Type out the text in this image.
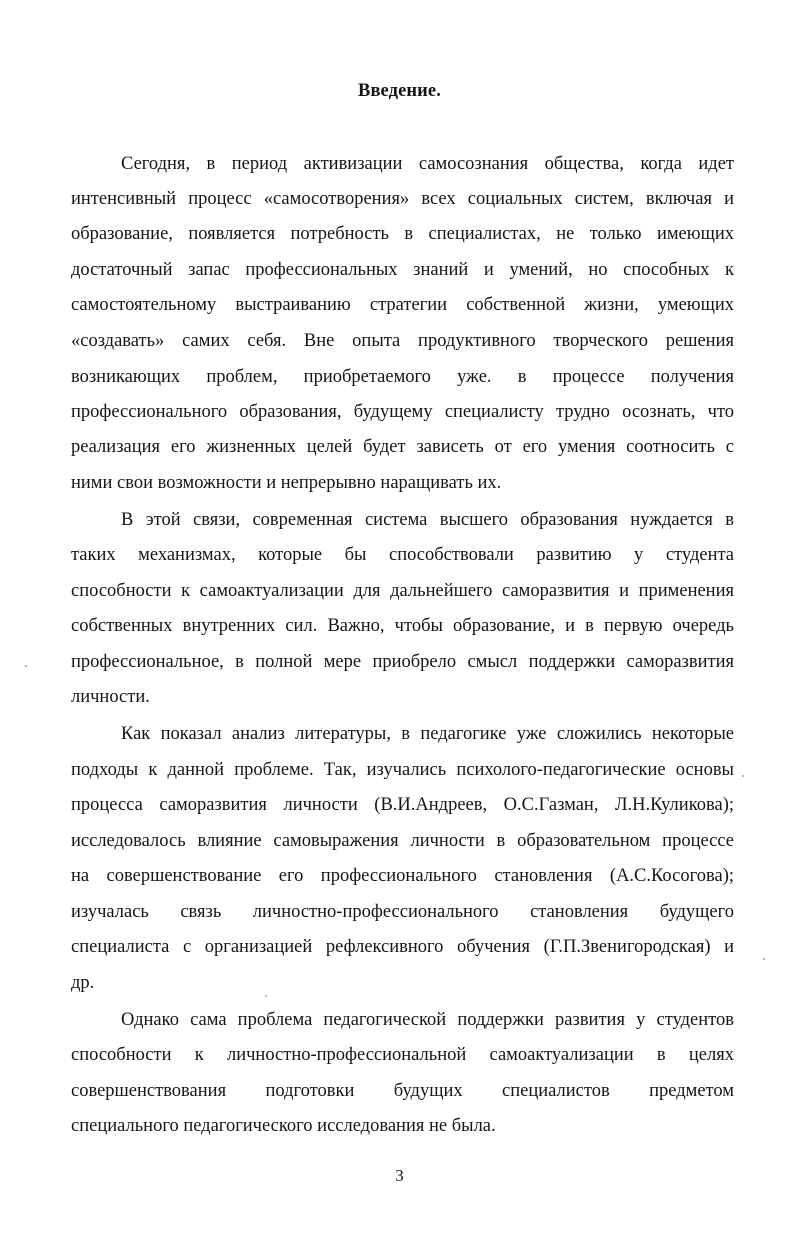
Введение.
Сегодня, в период активизации самосознания общества, когда идет
интенсивный процесс «самосотворения» всех социальных систем, включая и
образование, появляется потребность в специалистах, не только имеющих
достаточный запас профессиональных знаний и умений, но способных к
самостоятельному выстраиванию стратегии собственной жизни, умеющих
«создавать» самих себя. Вне опыта продуктивного творческого решения
возникающих проблем, приобретаемого уже. в процессе получения
профессионального образования, будущему специалисту трудно осознать, что
реализация его жизненных целей будет зависеть от его умения соотносить с
ними свои возможности и непрерывно наращивать их.
В этой связи, современная система высшего образования нуждается в
таких механизмах, которые бы способствовали развитию у студента
способности к самоактуализации для дальнейшего саморазвития и применения
собственных внутренних сил. Важно, чтобы образование, и в первую очередь
профессиональное, в полной мере приобрело смысл поддержки саморазвития
личности.
Как показал анализ литературы, в педагогике уже сложились некоторые
подходы к данной проблеме. Так, изучались психолого-педагогические основы
процесса саморазвития личности (В.И.Андреев, О.С.Газман, Л.Н.Куликова);
исследовалось влияние самовыражения личности в образовательном процессе
на совершенствование его профессионального становления (А.С.Косогова);
изучалась связь личностно-профессионального становления будущего
специалиста с организацией рефлексивного обучения (Г.П.Звенигородская) и
др.
Однако сама проблема педагогической поддержки развития у студентов
способности к личностно-профессиональной самоактуализации в целях
совершенствования подготовки будущих специалистов предметом
специального педагогического исследования не была.
3
